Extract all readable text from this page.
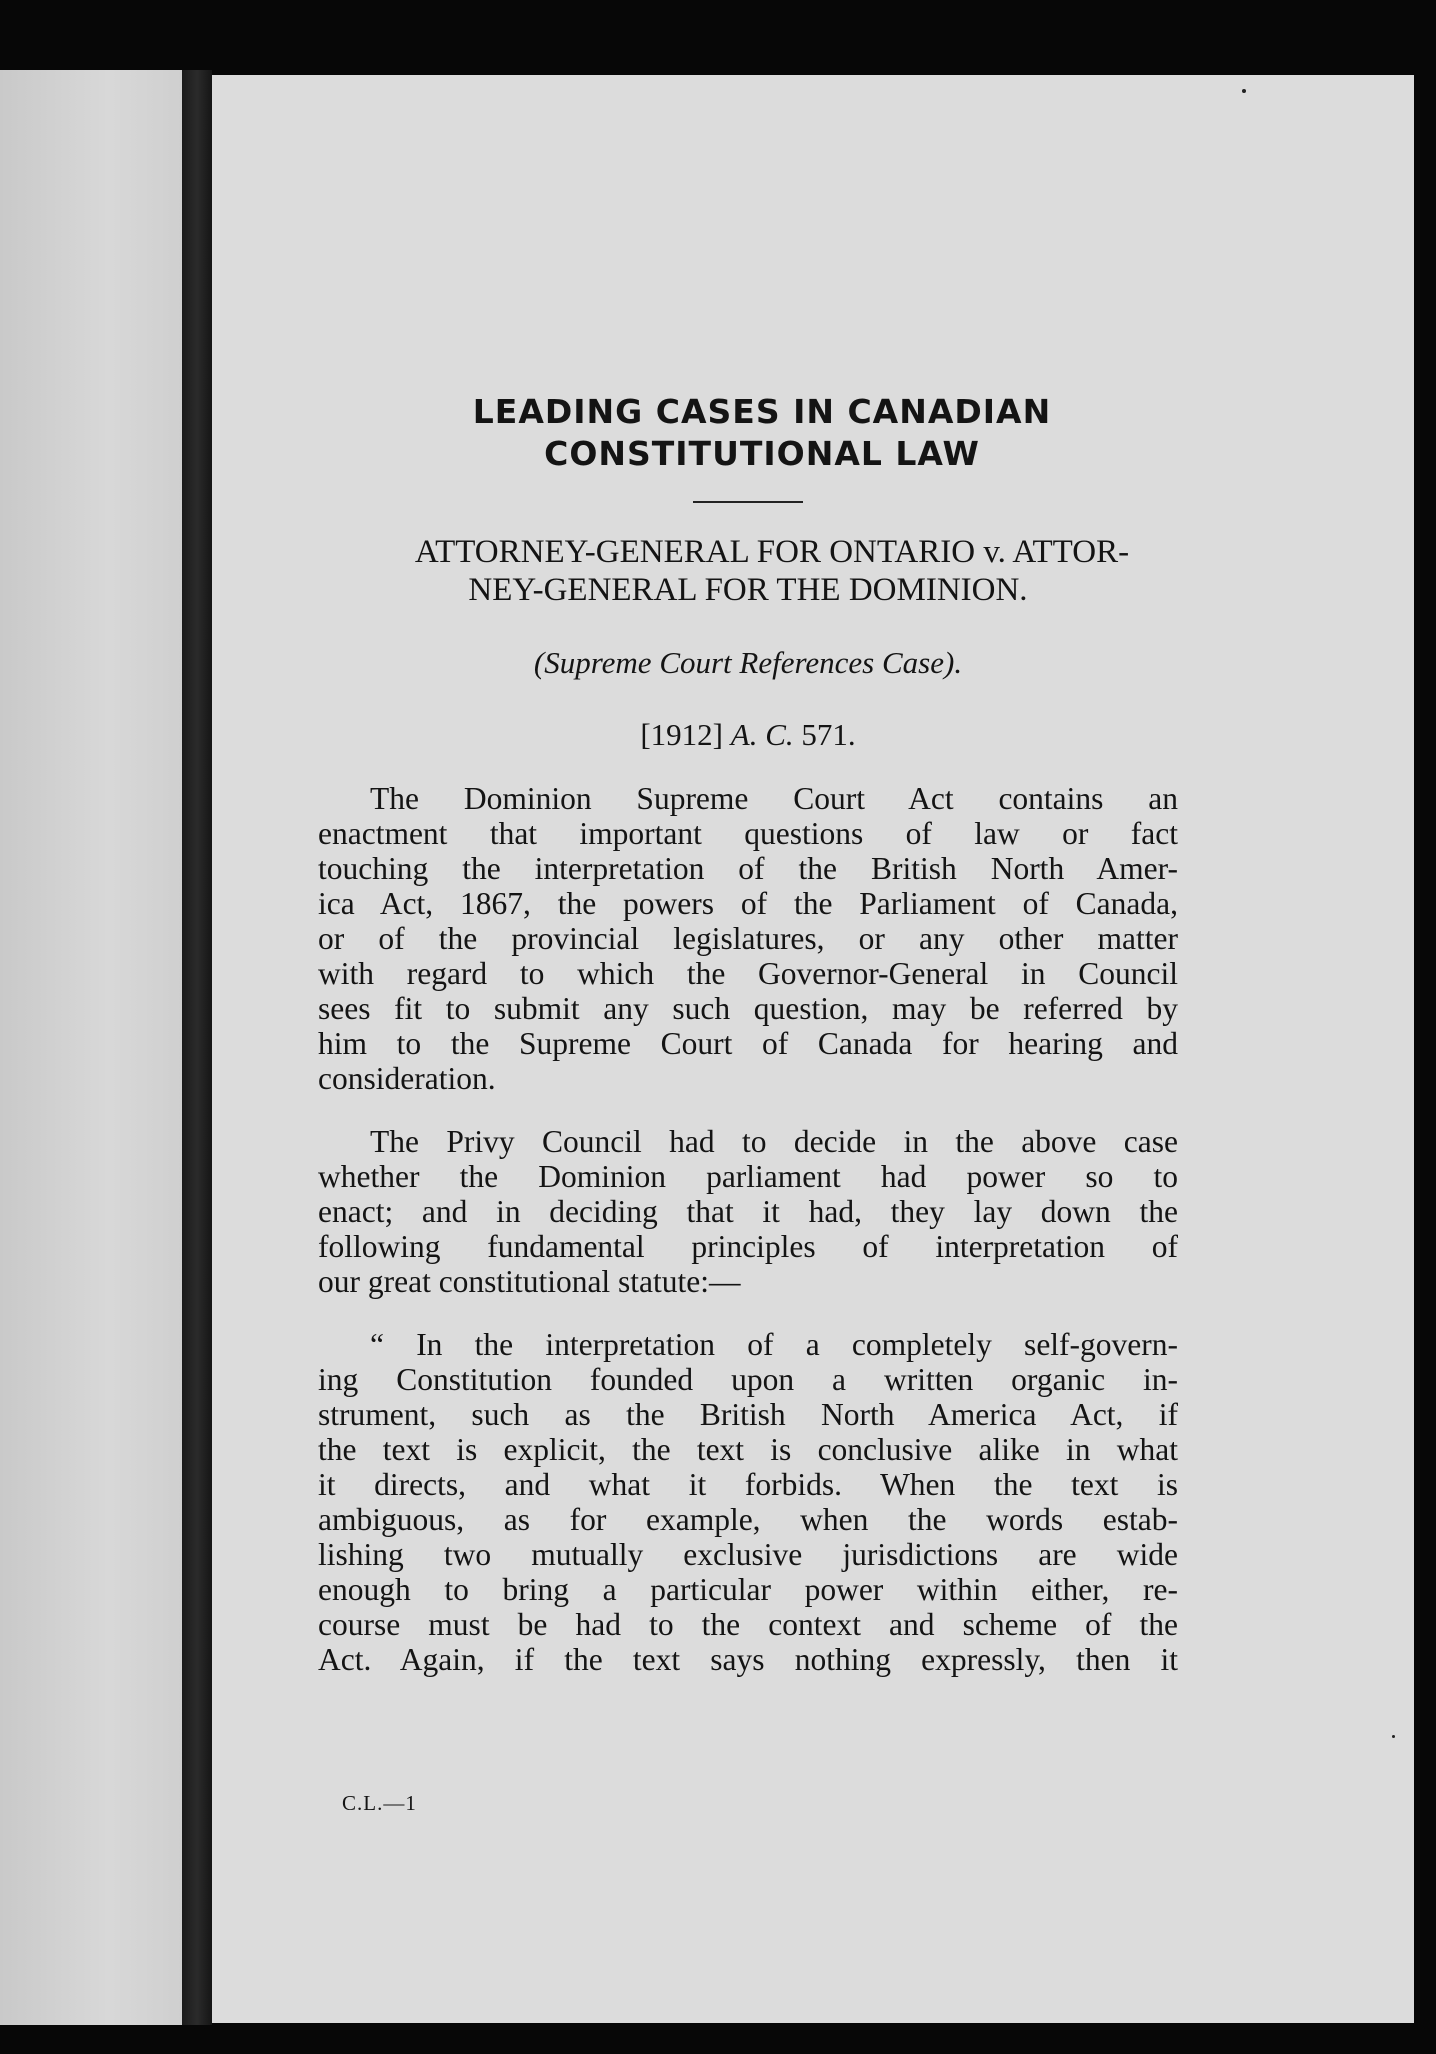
LEADING CASES IN CANADIAN
CONSTITUTIONAL LAW
ATTORNEY-GENERAL FOR ONTARIO v. ATTOR-
NEY-GENERAL FOR THE DOMINION.
(Supreme Court References Case).
[1912] A. C. 571.
The Dominion Supreme Court Act contains an
enactment that important questions of law or fact
touching the interpretation of the British North Amer-
ica Act, 1867, the powers of the Parliament of Canada,
or of the provincial legislatures, or any other matter
with regard to which the Governor-General in Council
sees fit to submit any such question, may be referred by
him to the Supreme Court of Canada for hearing and
consideration.
The Privy Council had to decide in the above case
whether the Dominion parliament had power so to
enact; and in deciding that it had, they lay down the
following fundamental principles of interpretation of
our great constitutional statute:—
“ In the interpretation of a completely self-govern-
ing Constitution founded upon a written organic in-
strument, such as the British North America Act, if
the text is explicit, the text is conclusive alike in what
it directs, and what it forbids. When the text is
ambiguous, as for example, when the words estab-
lishing two mutually exclusive jurisdictions are wide
enough to bring a particular power within either, re-
course must be had to the context and scheme of the
Act. Again, if the text says nothing expressly, then it
C.L.—1
